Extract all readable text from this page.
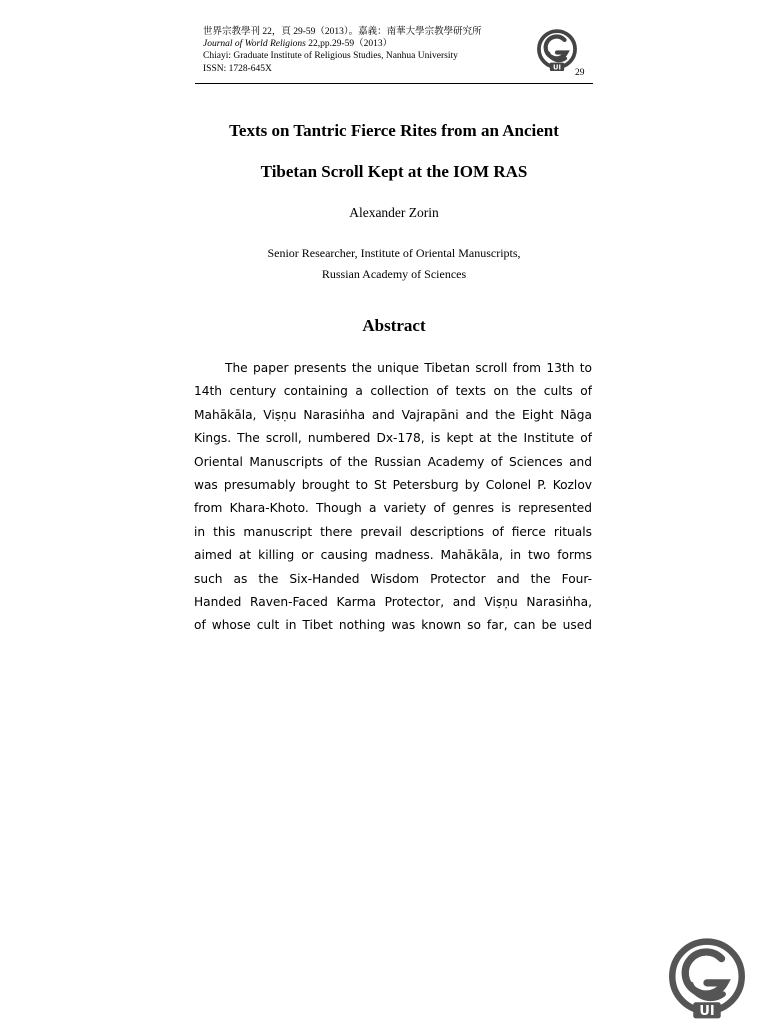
世界宗教學刊 22，頁 29-59（2013）。嘉義：南華大學宗教學研究所
Journal of World Religions 22,pp.29-59（2013）
Chiayi: Graduate Institute of Religious Studies, Nanhua University
ISSN: 1728-645X	29
UI
Texts on Tantric Fierce Rites from an Ancient
Tibetan Scroll Kept at the IOM RAS
Alexander Zorin
Senior Researcher, Institute of Oriental Manuscripts,
Russian Academy of Sciences
Abstract
The paper presents the unique Tibetan scroll from 13th to
14th century containing a collection of texts on the cults of
Mahākāla, Viṣṇu Narasiṅha and Vajrapāni and the Eight Nāga
Kings. The scroll, numbered Dx-178, is kept at the Institute of
Oriental Manuscripts of the Russian Academy of Sciences and
was presumably brought to St Petersburg by Colonel P. Kozlov
from Khara-Khoto. Though a variety of genres is represented
in this manuscript there prevail descriptions of fierce rituals
aimed at killing or causing madness. Mahākāla, in two forms
such as the Six-Handed Wisdom Protector and the Four-
Handed Raven-Faced Karma Protector, and Viṣṇu Narasiṅha,
of whose cult in Tibet nothing was known so far, can be used
UI
